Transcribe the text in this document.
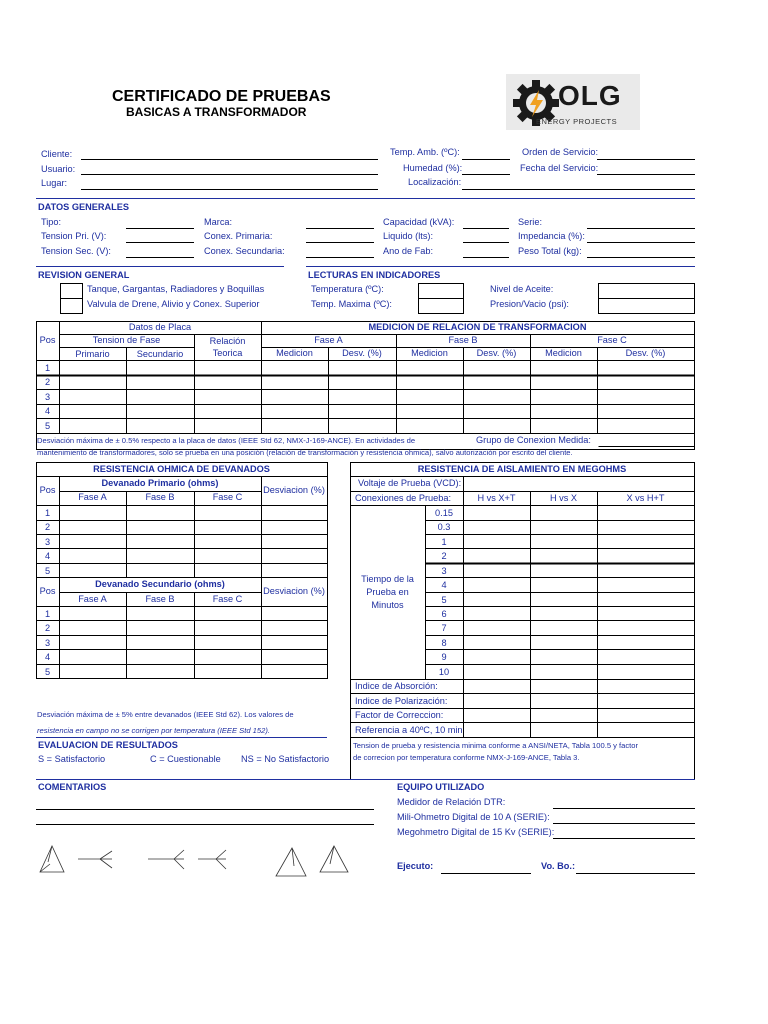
CERTIFICADO DE PRUEBAS
BASICAS A TRANSFORMADOR
OLG
ENERGY PROJECTS
Cliente:
Usuario:
Lugar:
Temp. Amb. (ºC):
Humedad (%):
Localización:
Orden de Servicio:
Fecha del Servicio:
DATOS GENERALES
Tipo:
Tension Pri. (V):
Tension Sec. (V):
Marca:
Conex. Primaria:
Conex. Secundaria:
Capacidad (kVA):
Liquido (lts):
Ano de Fab:
Serie:
Impedancia (%):
Peso Total (kg):
REVISION GENERAL
Tanque, Gargantas, Radiadores y Boquillas
Valvula de Drene, Alivio y Conex. Superior
LECTURAS EN INDICADORES
Temperatura (ºC):
Temp. Maxima (ºC):
Nivel de Aceite:
Presion/Vacio (psi):
Pos
Datos de Placa
Tension de Fase
Primario	Secundario
Relación
Teorica
MEDICION DE RELACION DE TRANSFORMACION
Fase A	Fase B	Fase C
Medicion	Desv. (%)	Medicion	Desv. (%)	Medicion	Desv. (%)
1
2
3
4
5
Desviación máxima de ± 0.5% respecto a la placa de datos (IEEE Std 62, NMX-J-169-ANCE). En actividades de
mantenimiento de transformadores, solo se prueba en una posición (relación de transformación y resistencia ohmica), salvo autorización por escrito del cliente.
Grupo de Conexion Medida:
RESISTENCIA OHMICA DE DEVANADOS
Pos
Devanado Primario (ohms)
Fase A	Fase B	Fase C
Desviacion (%)
1
2
3
4
5
Pos
Devanado Secundario (ohms)
Fase A	Fase B	Fase C
Desviacion (%)
1
2
3
4
5
Desviación máxima de ± 5% entre devanados (IEEE Std 62). Los valores de
resistencia en campo no se corrigen por temperatura (IEEE Std 152).
RESISTENCIA DE AISLAMIENTO EN MEGOHMS
Voltaje de Prueba (VCD):
Conexiones de Prueba:	H vs X+T	H vs X	X vs H+T
Tiempo de la
Prueba en
Minutos
0.15
0.3
1
2
3
4
5
6
7
8
9
10
Indice de Absorción:
Indice de Polarización:
Factor de Correccion:
Referencia a 40ºC, 10 min
Tension de prueba y resistencia minima conforme a ANSI/NETA, Tabla 100.5 y factor
de correcion por temperatura conforme NMX-J-169-ANCE, Tabla 3.
EVALUACION DE RESULTADOS
S = Satisfactorio	C = Cuestionable NS = No Satisfactorio
COMENTARIOS	EQUIPO UTILIZADO
Medidor de Relación DTR:
Mili-Ohmetro Digital de 10 A (SERIE):
Megohmetro Digital de 15 Kv (SERIE):
Ejecuto:	Vo. Bo.:
